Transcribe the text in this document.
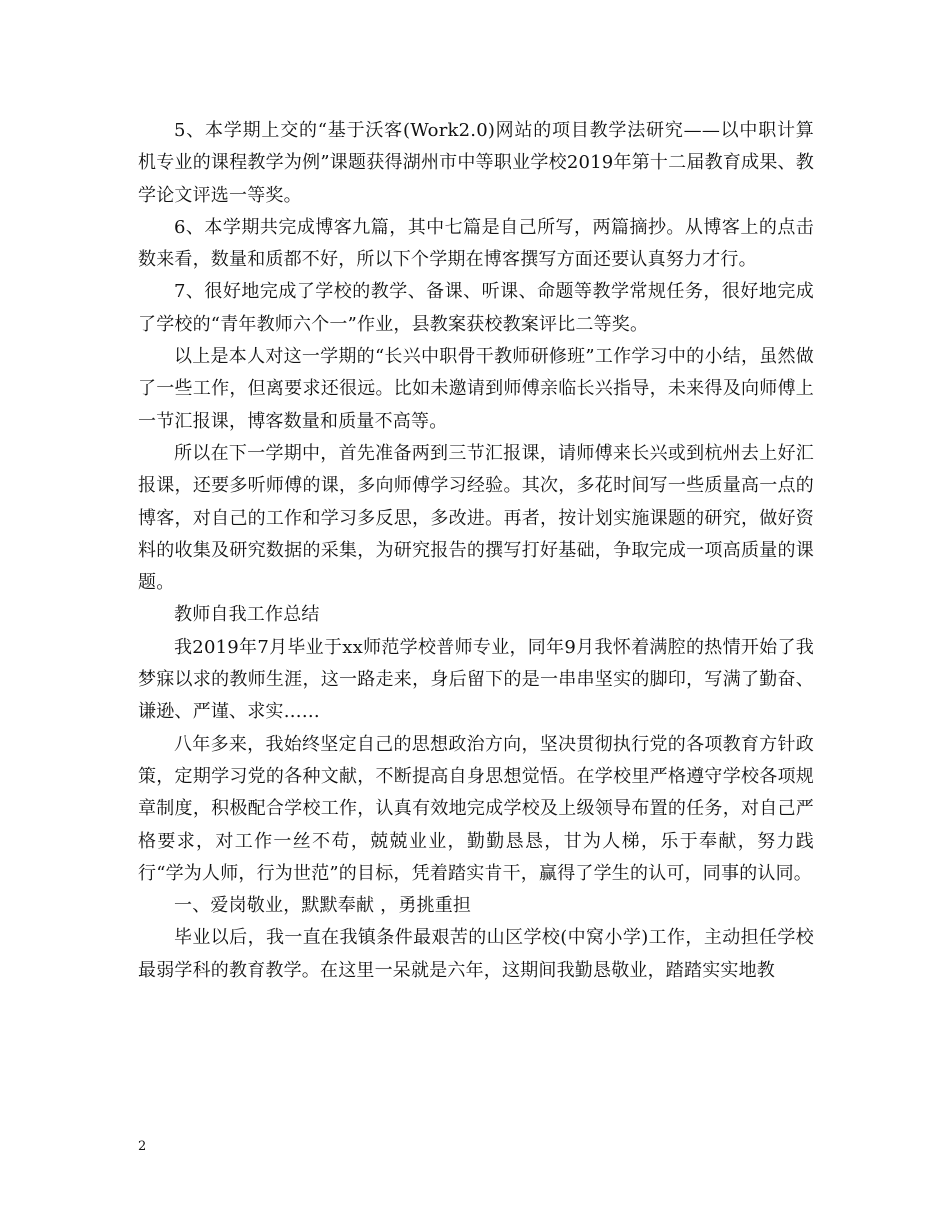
5、本学期上交的“基于沃客(Work2.0)网站的项目教学法研究——以中职计算机专业的课程教学为例”课题获得湖州市中等职业学校2019年第十二届教育成果、教学论文评选一等奖。

6、本学期共完成博客九篇，其中七篇是自己所写，两篇摘抄。从博客上的点击数来看，数量和质都不好，所以下个学期在博客撰写方面还要认真努力才行。

7、很好地完成了学校的教学、备课、听课、命题等教学常规任务，很好地完成了学校的“青年教师六个一”作业，县教案获校教案评比二等奖。

以上是本人对这一学期的“长兴中职骨干教师研修班”工作学习中的小结，虽然做了一些工作，但离要求还很远。比如未邀请到师傅亲临长兴指导，未来得及向师傅上一节汇报课，博客数量和质量不高等。

所以在下一学期中，首先准备两到三节汇报课，请师傅来长兴或到杭州去上好汇报课，还要多听师傅的课，多向师傅学习经验。其次，多花时间写一些质量高一点的博客，对自己的工作和学习多反思，多改进。再者，按计划实施课题的研究，做好资料的收集及研究数据的采集，为研究报告的撰写打好基础，争取完成一项高质量的课题。

教师自我工作总结

我2019年7月毕业于xx师范学校普师专业，同年9月我怀着满腔的热情开始了我梦寐以求的教师生涯，这一路走来，身后留下的是一串串坚实的脚印，写满了勤奋、谦逊、严谨、求实……

八年多来，我始终坚定自己的思想政治方向，坚决贯彻执行党的各项教育方针政策，定期学习党的各种文献，不断提高自身思想觉悟。在学校里严格遵守学校各项规章制度，积极配合学校工作，认真有效地完成学校及上级领导布置的任务，对自己严格要求，对工作一丝不苟，兢兢业业，勤勤恳恳，甘为人梯，乐于奉献，努力践行“学为人师，行为世范”的目标，凭着踏实肯干，赢得了学生的认可，同事的认同。

一、爱岗敬业，默默奉献 ，勇挑重担

毕业以后，我一直在我镇条件最艰苦的山区学校(中窝小学)工作，主动担任学校最弱学科的教育教学。在这里一呆就是六年，这期间我勤恳敬业，踏踏实实地教

2
